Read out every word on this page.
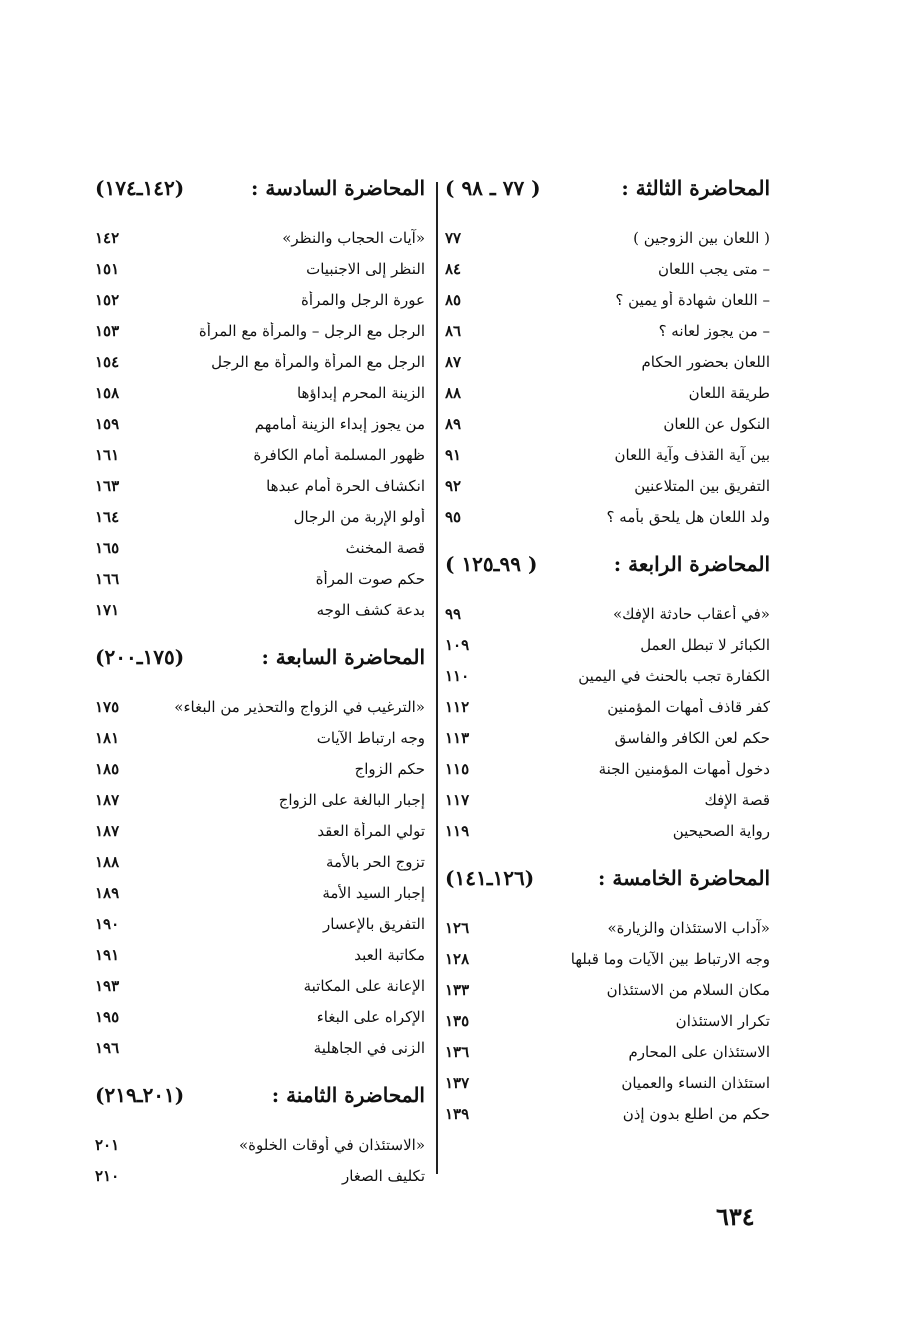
المحاضرة الثالثة :
( ٧٧ ـ ٩٨ )
( اللعان بين الزوجين )
٧٧
– متى يجب اللعان
٨٤
– اللعان شهادة أو يمين ؟
٨٥
– من يجوز لعانه ؟
٨٦
اللعان بحضور الحكام
٨٧
طريقة اللعان
٨٨
النكول عن اللعان
٨٩
بين آية القذف وآية اللعان
٩١
التفريق بين المتلاعنين
٩٢
ولد اللعان هل يلحق بأمه ؟
٩٥
المحاضرة الرابعة :
( ٩٩ـ١٢٥ )
«في أعقاب حادثة الإفك»
٩٩
الكبائر لا تبطل العمل
١٠٩
الكفارة تجب بالحنث في اليمين
١١٠
كفر قاذف أمهات المؤمنين
١١٢
حكم لعن الكافر والفاسق
١١٣
دخول أمهات المؤمنين الجنة
١١٥
قصة الإفك
١١٧
رواية الصحيحين
١١٩
المحاضرة الخامسة :
(١٢٦ـ١٤١)
«آداب الاستئذان والزيارة»
١٢٦
وجه الارتباط بين الآيات وما قبلها
١٢٨
مكان السلام من الاستئذان
١٣٣
تكرار الاستئذان
١٣٥
الاستئذان على المحارم
١٣٦
استئذان النساء والعميان
١٣٧
حكم من اطلع بدون إذن
١٣٩
المحاضرة السادسة :
(١٤٢ـ١٧٤)
«آيات الحجاب والنظر»
١٤٢
النظر إلى الاجنبيات
١٥١
عورة الرجل والمرأة
١٥٢
الرجل مع الرجل – والمرأة مع المرأة
١٥٣
الرجل مع المرأة والمرأة مع الرجل
١٥٤
الزينة المحرم إبداؤها
١٥٨
من يجوز إبداء الزينة أمامهم
١٥٩
ظهور المسلمة أمام الكافرة
١٦١
انكشاف الحرة أمام عبدها
١٦٣
أولو الإربة من الرجال
١٦٤
قصة المخنث
١٦٥
حكم صوت المرأة
١٦٦
بدعة كشف الوجه
١٧١
المحاضرة السابعة :
(١٧٥ـ٢٠٠)
«الترغيب في الزواج والتحذير من البغاء»
١٧٥
وجه ارتباط الآيات
١٨١
حكم الزواج
١٨٥
إجبار البالغة على الزواج
١٨٧
تولي المرأة العقد
١٨٧
تزوج الحر بالأمة
١٨٨
إجبار السيد الأمة
١٨٩
التفريق بالإعسار
١٩٠
مكاتبة العبد
١٩١
الإعانة على المكاتبة
١٩٣
الإكراه على البغاء
١٩٥
الزنى في الجاهلية
١٩٦
المحاضرة الثامنة :
(٢٠١ـ٢١٩)
«الاستئذان في أوقات الخلوة»
٢٠١
تكليف الصغار
٢١٠
٦٣٤
